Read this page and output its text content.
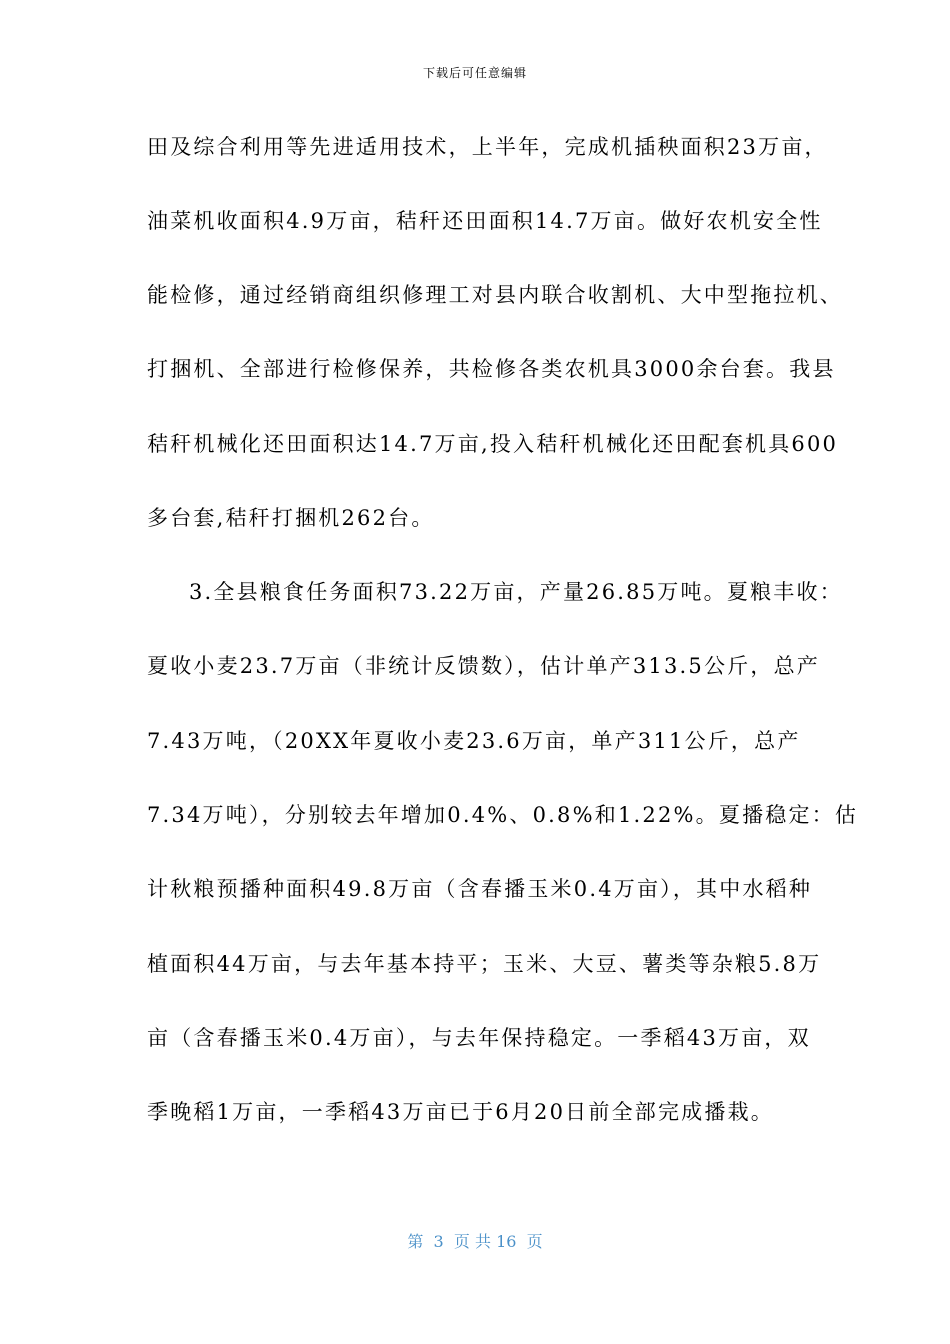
下载后可任意编辑
田及综合利用等先进适用技术，上半年，完成机插秧面积23万亩，
油菜机收面积4.9万亩，秸秆还田面积14.7万亩。做好农机安全性
能检修，通过经销商组织修理工对县内联合收割机、大中型拖拉机、
打捆机、全部进行检修保养，共检修各类农机具3000余台套。我县
秸秆机械化还田面积达14.7万亩,投入秸秆机械化还田配套机具600
多台套,秸秆打捆机262台。
3.全县粮食任务面积73.22万亩，产量26.85万吨。夏粮丰收：
夏收小麦23.7万亩（非统计反馈数），估计单产313.5公斤，总产
7.43万吨，（20XX年夏收小麦23.6万亩，单产311公斤，总产
7.34万吨），分别较去年增加0.4%、0.8%和1.22%。夏播稳定：估
计秋粮预播种面积49.8万亩（含春播玉米0.4万亩），其中水稻种
植面积44万亩，与去年基本持平；玉米、大豆、薯类等杂粮5.8万
亩（含春播玉米0.4万亩），与去年保持稳定。一季稻43万亩，双
季晚稻1万亩，一季稻43万亩已于6月20日前全部完成播栽。
第  3  页 共 16  页
